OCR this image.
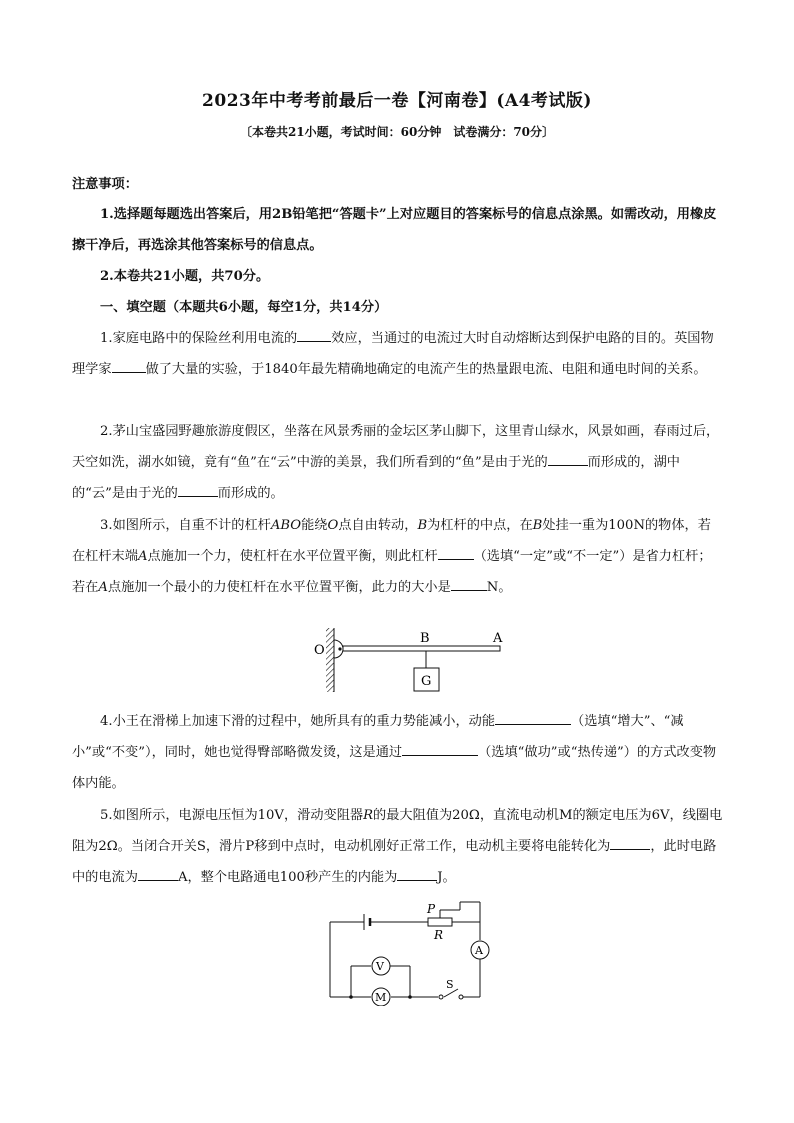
2023年中考考前最后一卷【河南卷】(A4考试版)
〔本卷共21小题，考试时间：60分钟　试卷满分：70分〕
注意事项：
1.选择题每题选出答案后，用2B铅笔把“答题卡”上对应题目的答案标号的信息点涂黑。如需改动，用橡皮擦干净后，再选涂其他答案标号的信息点。
2.本卷共21小题，共70分。
一、填空题（本题共6小题，每空1分，共14分）
1.家庭电路中的保险丝利用电流的	效应，当通过的电流过大时自动熔断达到保护电路的目的。英国物理学家	做了大量的实验，于1840年最先精确地确定的电流产生的热量跟电流、电阻和通电时间的关系。
2.茅山宝盛园野趣旅游度假区，坐落在风景秀丽的金坛区茅山脚下，这里青山绿水，风景如画，春雨过后，天空如洗，湖水如镜，竟有“鱼”在“云”中游的美景，我们所看到的“鱼”是由于光的	而形成的，湖中的“云”是由于光的	而形成的。
3.如图所示，自重不计的杠杆ABO能绕O点自由转动，B为杠杆的中点，在B处挂一重为100N的物体，若在杠杆末端A点施加一个力，使杠杆在水平位置平衡，则此杠杆	（选填“一定”或“不一定”）是省力杠杆；若在A点施加一个最小的力使杠杆在水平位置平衡，此力的大小是	N。
O
B	A
G
4.小王在滑梯上加速下滑的过程中，她所具有的重力势能减小，动能	（选填“增大”、“减小”或“不变”），同时，她也觉得臀部略微发烫，这是通过	（选填“做功”或“热传递”）的方式改变物体内能。
5.如图所示，电源电压恒为10V，滑动变阻器R的最大阻值为20Ω，直流电动机M的额定电压为6V，线圈电阻为2Ω。当闭合开关S，滑片P移到中点时，电动机刚好正常工作，电动机主要将电能转化为	，此时电路中的电流为	A，整个电路通电100秒产生的内能为	J。
P
R
A
V
M
S
